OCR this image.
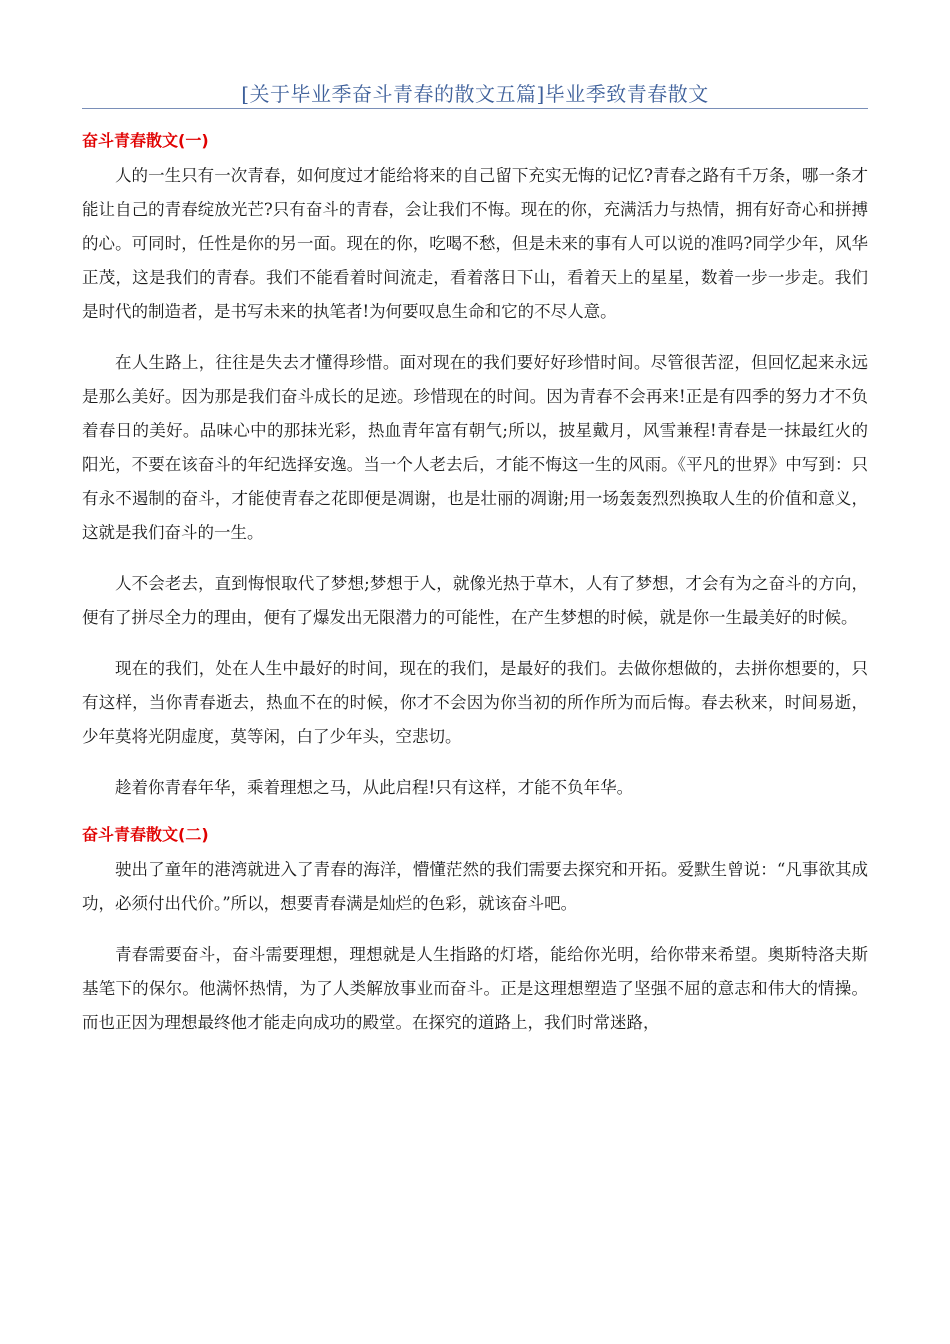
[关于毕业季奋斗青春的散文五篇]毕业季致青春散文
奋斗青春散文(一)

人的一生只有一次青春，如何度过才能给将来的自己留下充实无悔的记忆?青春之路有千万条，哪一条才能让自己的青春绽放光芒?只有奋斗的青春，会让我们不悔。现在的你，充满活力与热情，拥有好奇心和拼搏的心。可同时，任性是你的另一面。现在的你，吃喝不愁，但是未来的事有人可以说的准吗?同学少年，风华正茂，这是我们的青春。我们不能看着时间流走，看着落日下山，看着天上的星星，数着一步一步走。我们是时代的制造者，是书写未来的执笔者!为何要叹息生命和它的不尽人意。

在人生路上，往往是失去才懂得珍惜。面对现在的我们要好好珍惜时间。尽管很苦涩，但回忆起来永远是那么美好。因为那是我们奋斗成长的足迹。珍惜现在的时间。因为青春不会再来!正是有四季的努力才不负着春日的美好。品味心中的那抹光彩，热血青年富有朝气;所以，披星戴月，风雪兼程!青春是一抹最红火的阳光，不要在该奋斗的年纪选择安逸。当一个人老去后，才能不悔这一生的风雨。《平凡的世界》中写到：只有永不遏制的奋斗，才能使青春之花即便是凋谢，也是壮丽的凋谢;用一场轰轰烈烈换取人生的价值和意义，这就是我们奋斗的一生。

人不会老去，直到悔恨取代了梦想;梦想于人，就像光热于草木，人有了梦想，才会有为之奋斗的方向，便有了拼尽全力的理由，便有了爆发出无限潜力的可能性，在产生梦想的时候，就是你一生最美好的时候。

现在的我们，处在人生中最好的时间，现在的我们，是最好的我们。去做你想做的，去拼你想要的，只有这样，当你青春逝去，热血不在的时候，你才不会因为你当初的所作所为而后悔。春去秋来，时间易逝，少年莫将光阴虚度，莫等闲，白了少年头，空悲切。

趁着你青春年华，乘着理想之马，从此启程!只有这样，才能不负年华。

奋斗青春散文(二)

驶出了童年的港湾就进入了青春的海洋，懵懂茫然的我们需要去探究和开拓。爱默生曾说：“凡事欲其成功，必须付出代价。”所以，想要青春满是灿烂的色彩，就该奋斗吧。

青春需要奋斗，奋斗需要理想，理想就是人生指路的灯塔，能给你光明，给你带来希望。奥斯特洛夫斯基笔下的保尔。他满怀热情，为了人类解放事业而奋斗。正是这理想塑造了坚强不屈的意志和伟大的情操。而也正因为理想最终他才能走向成功的殿堂。在探究的道路上，我们时常迷路，
